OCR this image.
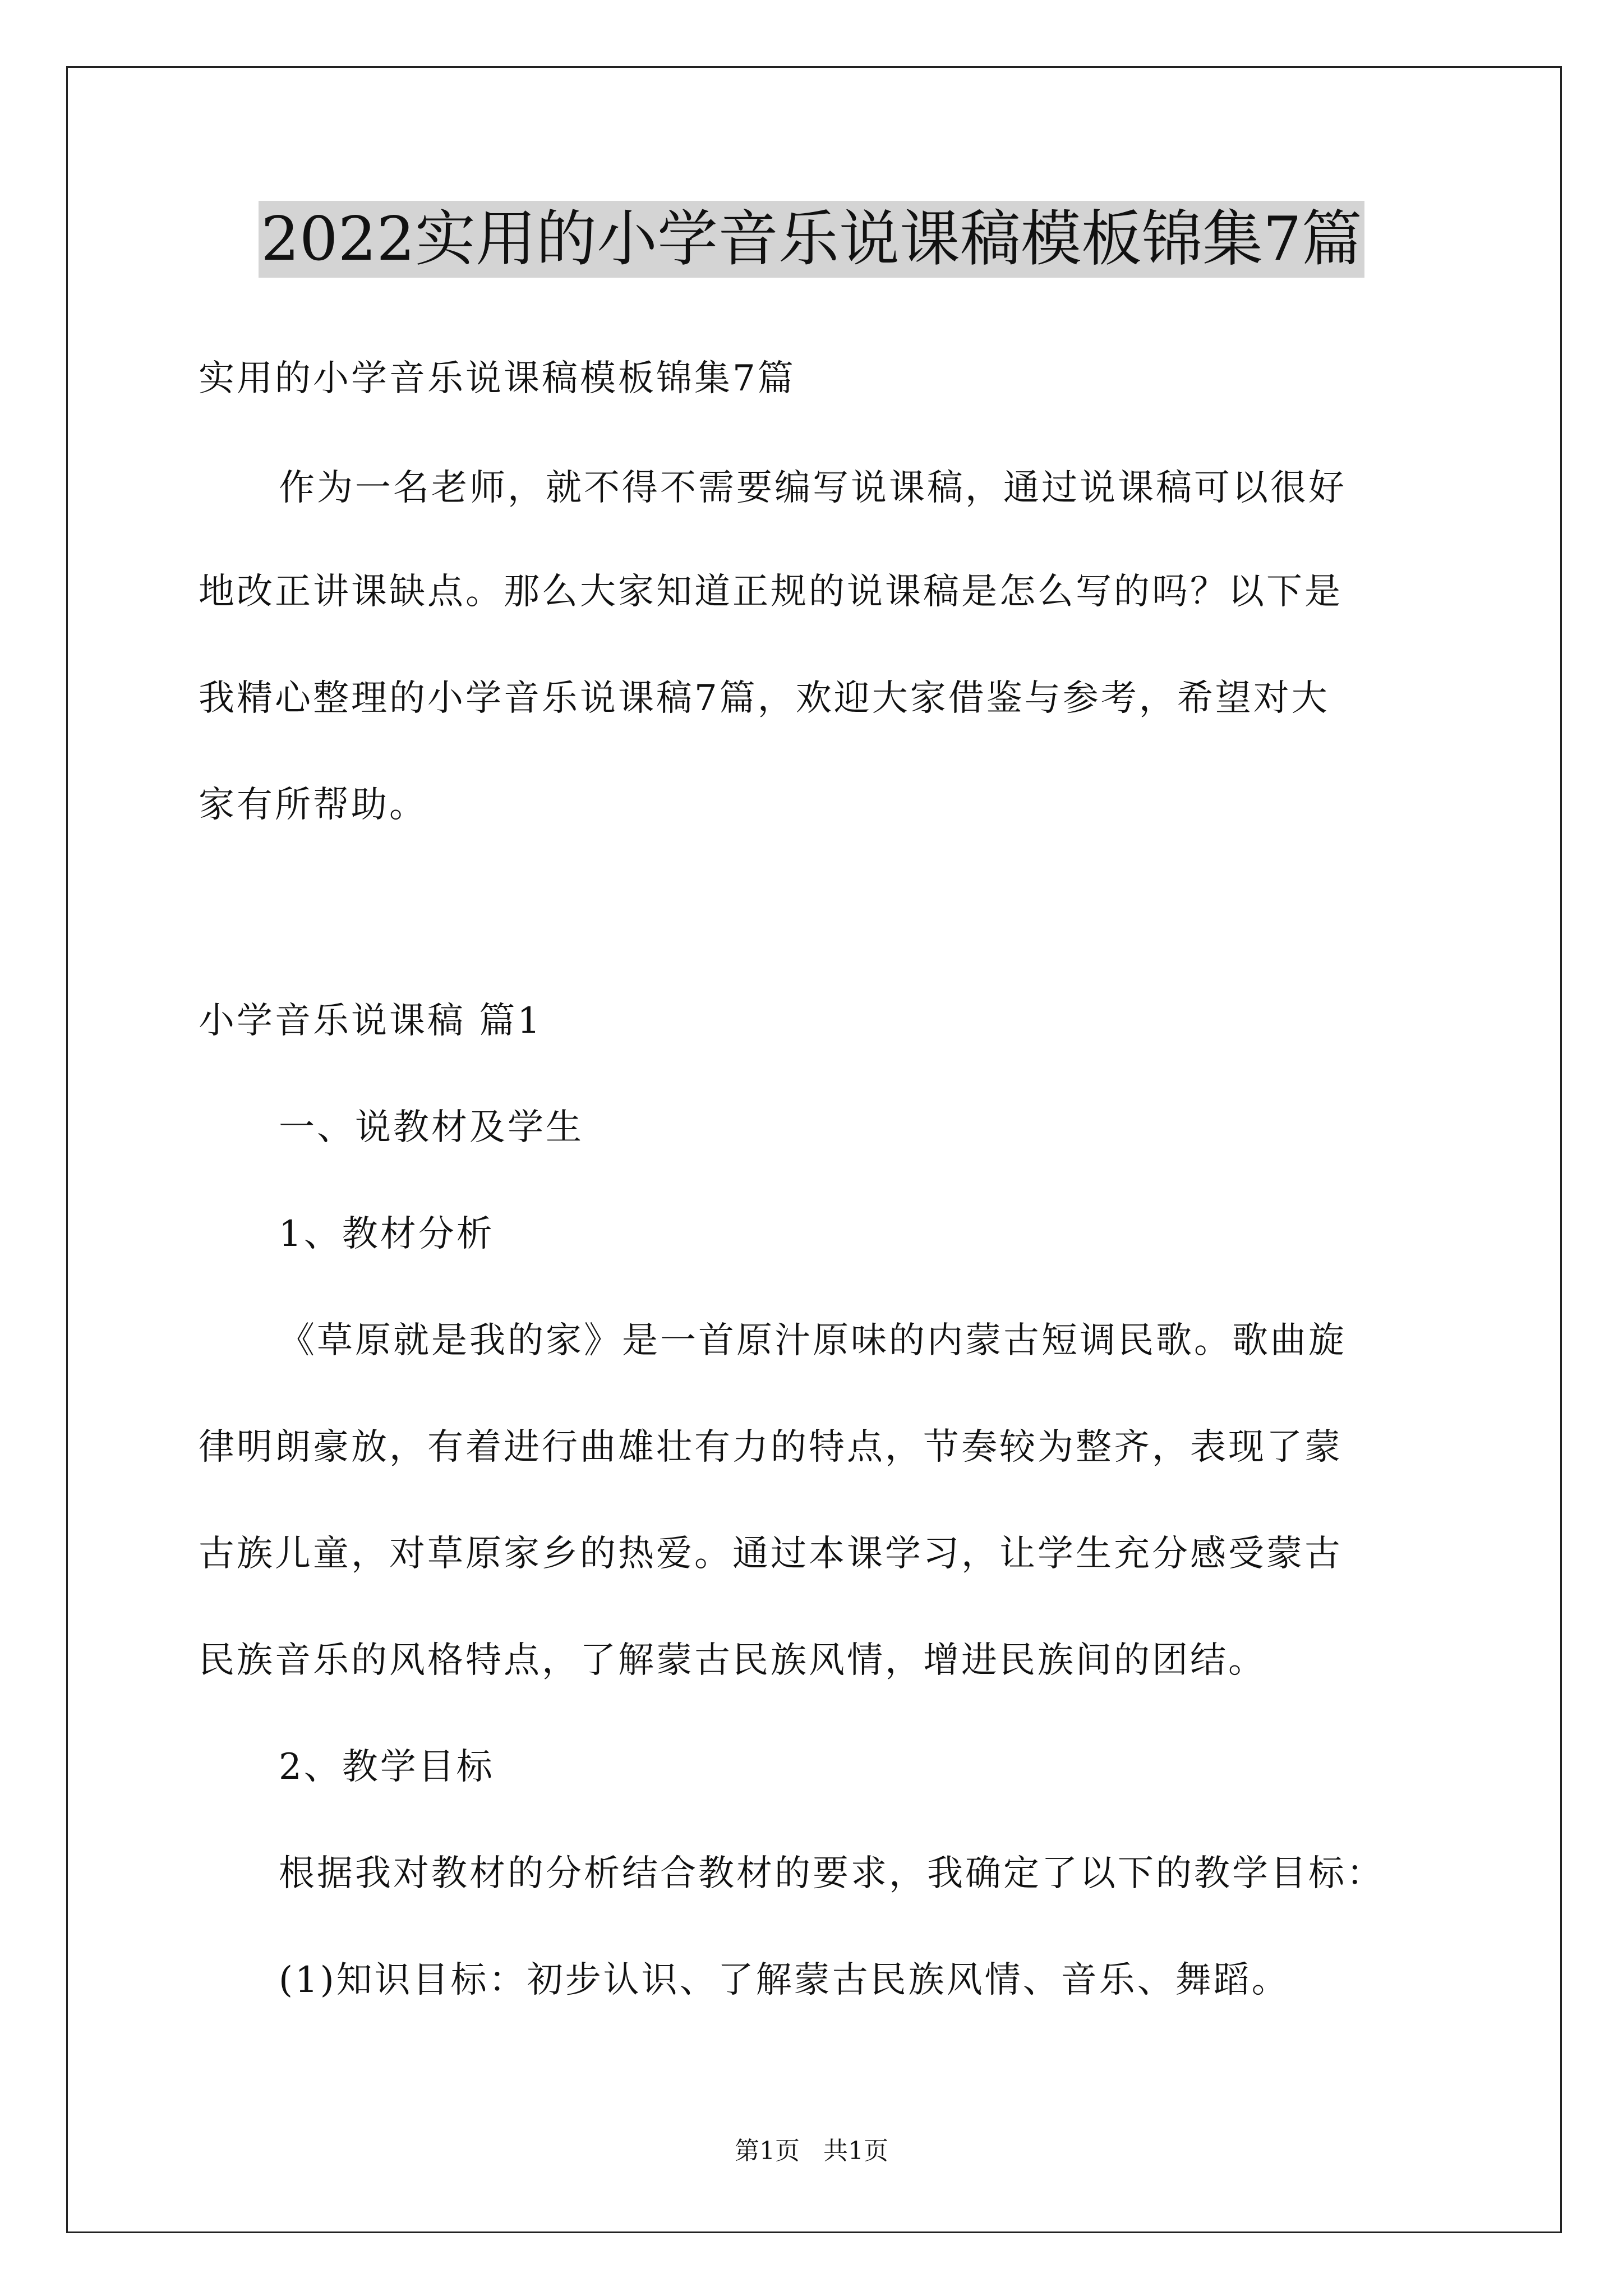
2022实用的小学音乐说课稿模板锦集7篇
实用的小学音乐说课稿模板锦集7篇
作为一名老师，就不得不需要编写说课稿，通过说课稿可以很好
地改正讲课缺点。那么大家知道正规的说课稿是怎么写的吗？以下是
我精心整理的小学音乐说课稿7篇，欢迎大家借鉴与参考，希望对大
家有所帮助。
小学音乐说课稿 篇1
一、说教材及学生
1、教材分析
《草原就是我的家》是一首原汁原味的内蒙古短调民歌。歌曲旋
律明朗豪放，有着进行曲雄壮有力的特点，节奏较为整齐，表现了蒙
古族儿童，对草原家乡的热爱。通过本课学习，让学生充分感受蒙古
民族音乐的风格特点，了解蒙古民族风情，增进民族间的团结。
2、教学目标
根据我对教材的分析结合教材的要求，我确定了以下的教学目标：
(1)知识目标：初步认识、了解蒙古民族风情、音乐、舞蹈。
第1页   共1页
